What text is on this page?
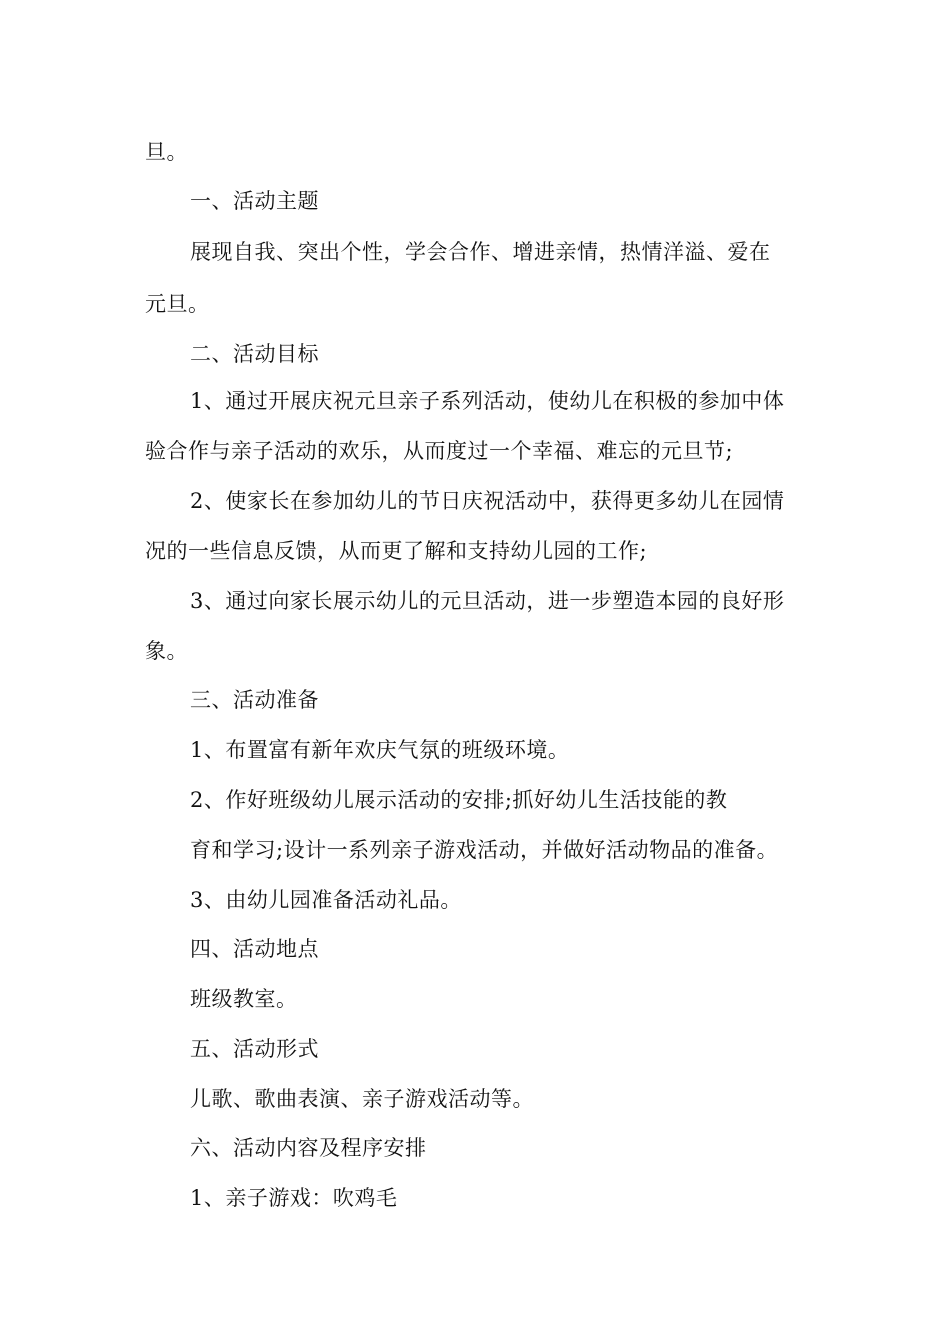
旦。
一、活动主题
展现自我、突出个性，学会合作、增进亲情，热情洋溢、爱在
元旦。
二、活动目标
1、通过开展庆祝元旦亲子系列活动，使幼儿在积极的参加中体
验合作与亲子活动的欢乐，从而度过一个幸福、难忘的元旦节;
2、使家长在参加幼儿的节日庆祝活动中，获得更多幼儿在园情
况的一些信息反馈，从而更了解和支持幼儿园的工作;
3、通过向家长展示幼儿的元旦活动，进一步塑造本园的良好形
象。
三、活动准备
1、布置富有新年欢庆气氛的班级环境。
2、作好班级幼儿展示活动的安排;抓好幼儿生活技能的教
育和学习;设计一系列亲子游戏活动，并做好活动物品的准备。
3、由幼儿园准备活动礼品。
四、活动地点
班级教室。
五、活动形式
儿歌、歌曲表演、亲子游戏活动等。
六、活动内容及程序安排
1、亲子游戏：吹鸡毛
